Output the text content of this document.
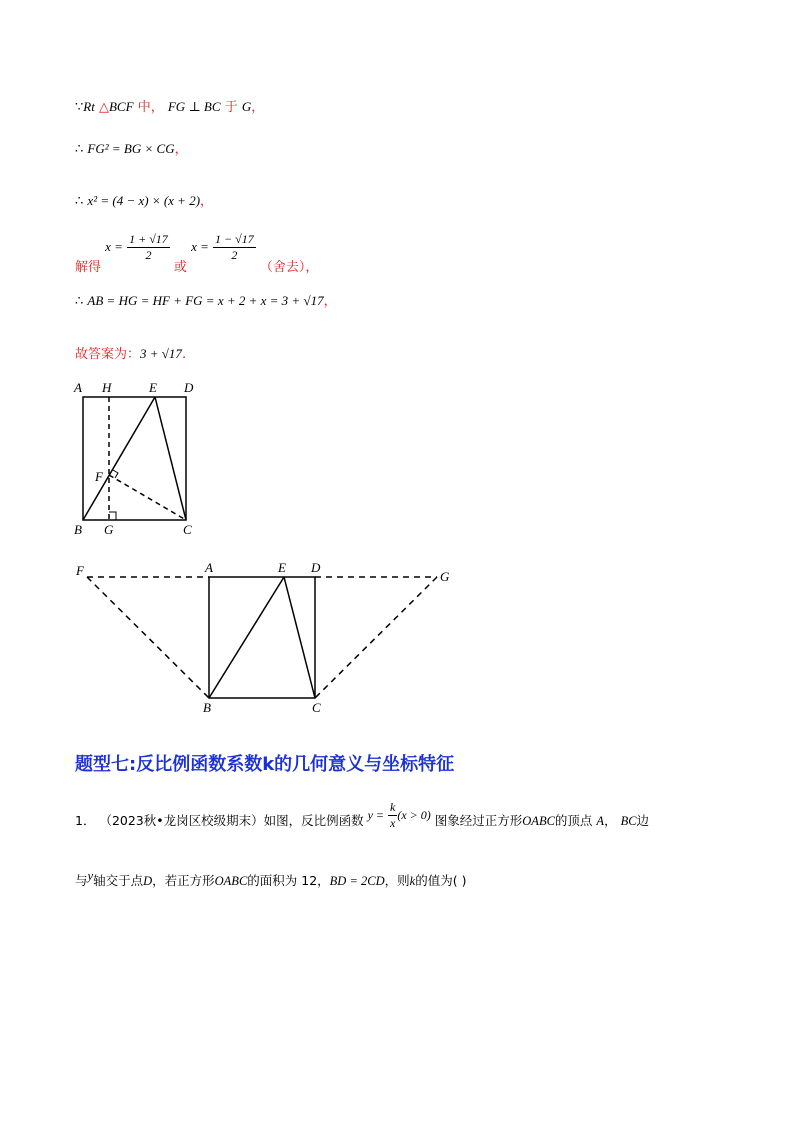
∵Rt △BCF 中， FG ⊥ BC 于 G，
∴ FG² = BG × CG，
∴ x² = (4 − x) × (x + 2)，
解得 $x = \frac{1 + √17}{2}$
或 $x = \frac{1 - √17}{2}$
（舍去），
∴ AB = HG = HF + FG = x + 2 + x = 3 + √17，
故答案为：3 + √17.
A H	E D
F
B G	C
F	A	E D
G
B	C
题型七:反比例函数系数k的几何意义与坐标特征
1． （2023秋•龙岗区校级期末）如图，反比例函数 $y = \frac{k}{x} (x > 0)$ 图象经过正方形OABC的顶点 A， BC边
与y轴交于点D，若正方形OABC的面积为 12，BD = 2CD，则k的值为( )
